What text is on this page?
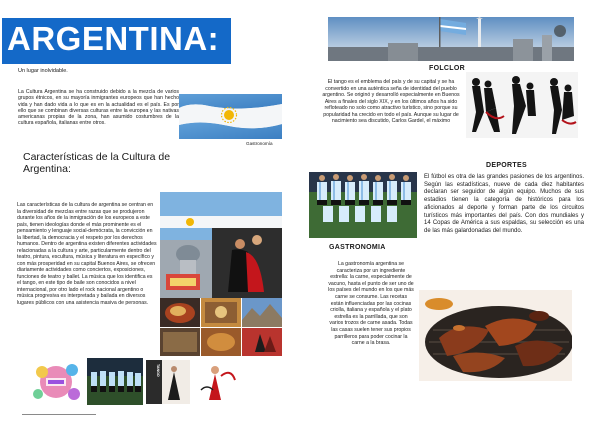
ARGENTINA:
Un lugar inolvidable.
La Cultura Argentina se ha construido debido a la mezcla de varios grupos étnicos, en su mayoría inmigrantes europeos que han hecho vida y han dado vida a lo que es en la actualidad es el país. Es por ello que se combinan diversas culturas entre la europea y las nativas americanas propias de la zona, han asumido costumbres de la cultura española, italianas entre otros.
Gastronomía
Características de la Cultura de Argentina:
Las características de la cultura de argentina se centran en la diversidad de mezclas entre razas que se produjeron durante los años de la inmigración de los europeos a este país, tienen ideologías donde el más prominente es el pensamiento y lenguaje social-demócrata, la convicción en la libertad, la democracia y el respeto por los derechos humanos. Dentro de argentina existen diferentes actividades relacionadas a la cultura y arte, particularmente dentro del teatro, pintura, escultura, música y literatura en específico y con más prosperidad en su capital Buenos Aires, se ofrecen diariamente actividades como conciertos, exposiciones, funciones de teatro y ballet. La música que los identifica es el tango, en este tipo de baile son conocidos a nivel internacional, por otro lado el rock nacional argentino o música progresiva es interpretada y bailada en diversos lugares públicos con una asistencia masiva de personas.
TANGO
FOLCLOR
El tango es el emblema del país y de su capital y se ha convertido en una auténtica seña de identidad del pueblo argentino. Se originó y desarrolló especialmente en Buenos Aires a finales del siglo XIX, y en los últimos años ha sido refloteado no solo como atractivo turístico, sino porque su popularidad ha crecido en todo el país. Aunque su lugar de nacimiento sea discutido, Carlos Gardel, el máximo
DEPORTES
El fútbol es otra de las grandes pasiones de los argentinos. Según las estadísticas, nueve de cada diez habitantes declaran ser seguidor de algún equipo. Muchos de sus estadios tienen la categoría de históricos para los aficionados al deporte y forman parte de los circuitos turísticos más importantes del país. Con dos mundiales y 14 Copas de América a sus espaldas, su selección es una de las más galardonadas del mundo.
GASTRONOMIA
La gastronomía argentina se caracteriza por un ingrediente estrella: la carne, especialmente de vacuno, hasta el punto de ser uno de los países del mundo en los que más carne se consume. Las recetas están influenciadas por las cocinas criolla, italiana y española y el plato estrella es la parrillada, que son varios trozos de carne asada. Todas las casas suelen tener sus propios parrilleros para poder cocinar la carne a la brasa.
